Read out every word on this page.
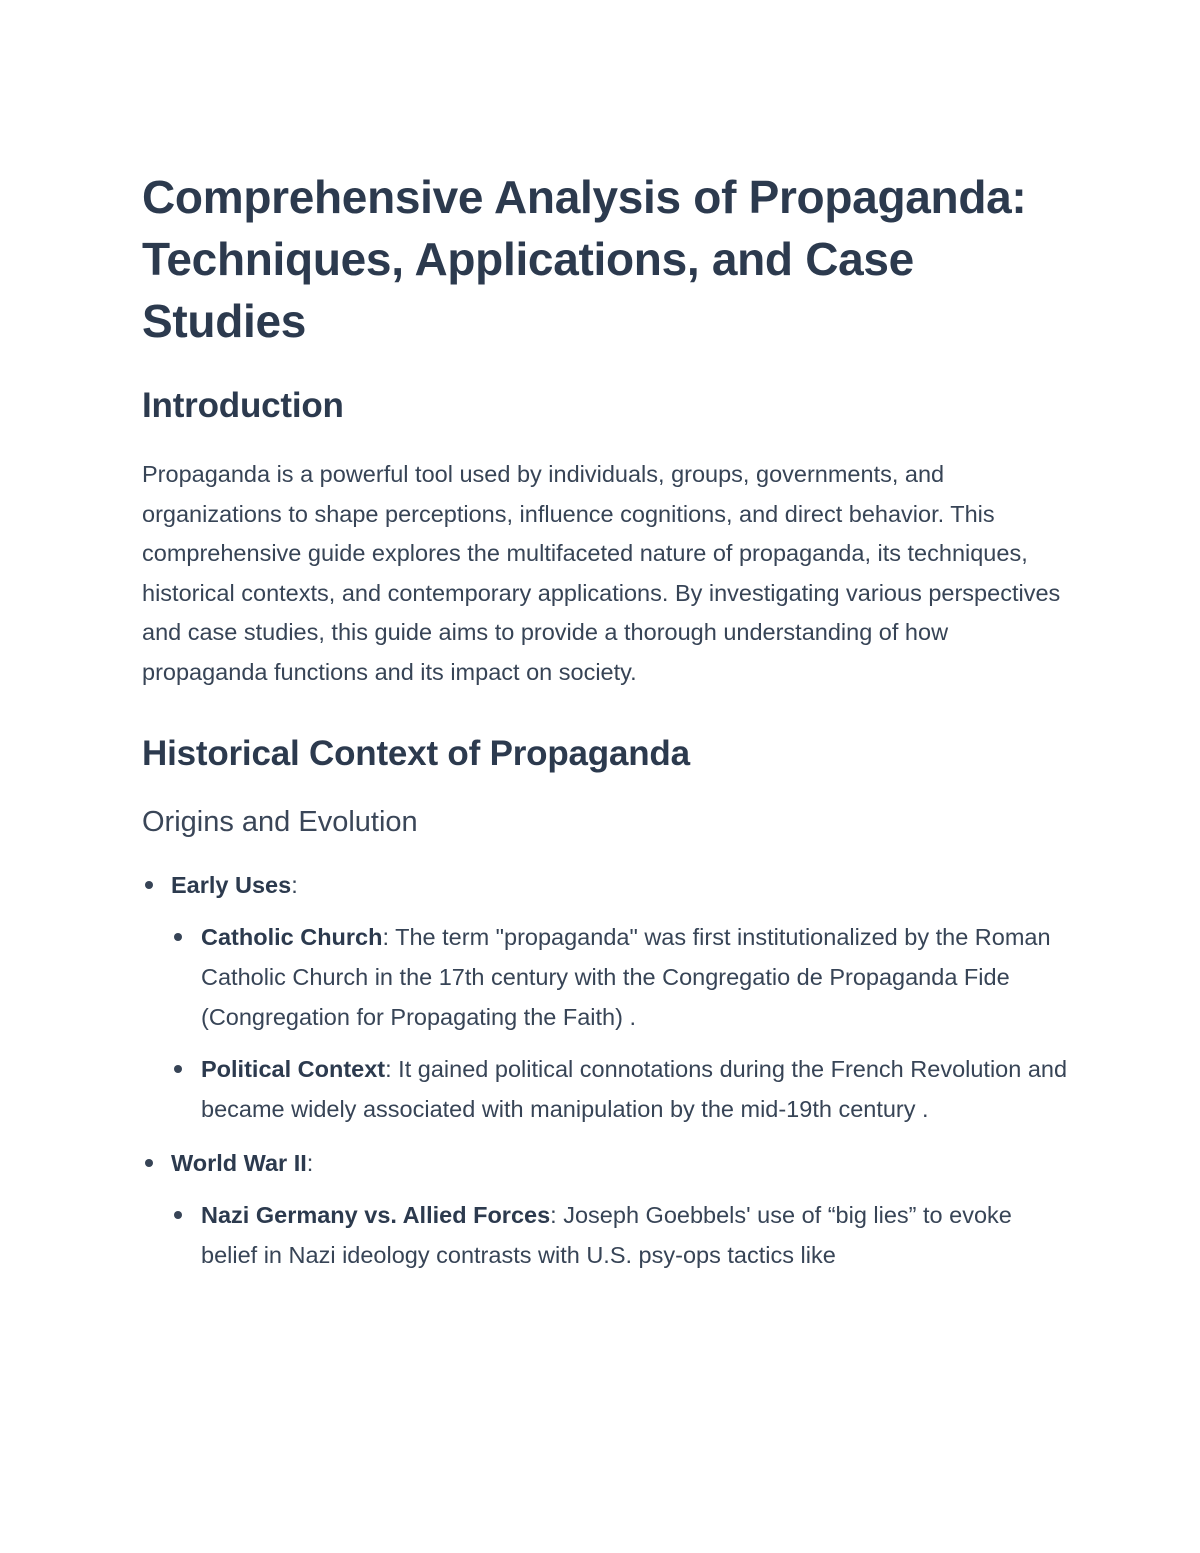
Comprehensive Analysis of Propaganda: Techniques, Applications, and Case Studies
Introduction

Propaganda is a powerful tool used by individuals, groups, governments, and organizations to shape perceptions, influence cognitions, and direct behavior. This comprehensive guide explores the multifaceted nature of propaganda, its techniques, historical contexts, and contemporary applications. By investigating various perspectives and case studies, this guide aims to provide a thorough understanding of how propaganda functions and its impact on society.

Historical Context of Propaganda
Origins and Evolution
Early Uses:
Catholic Church: The term "propaganda" was first institutionalized by the Roman Catholic Church in the 17th century with the Congregatio de Propaganda Fide (Congregation for Propagating the Faith) .
Political Context: It gained political connotations during the French Revolution and became widely associated with manipulation by the mid-19th century .
World War II:
Nazi Germany vs. Allied Forces: Joseph Goebbels' use of “big lies” to evoke belief in Nazi ideology contrasts with U.S. psy-ops tactics like
